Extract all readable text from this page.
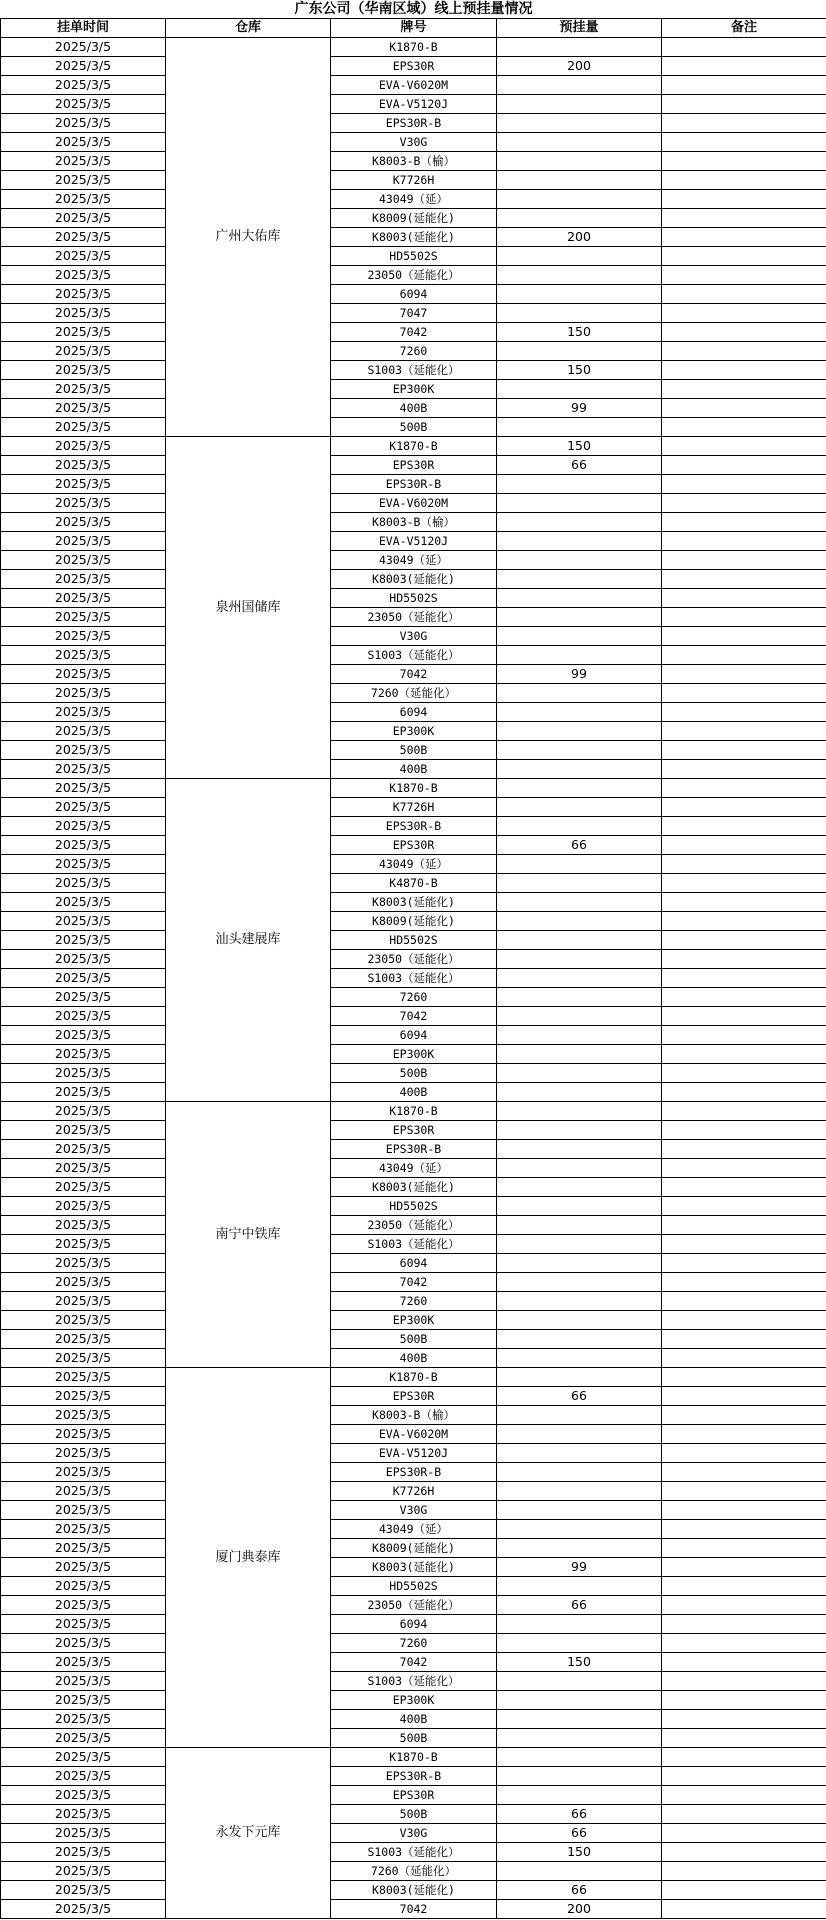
广东公司（华南区域）线上预挂量情况				
挂单时间	仓库	牌号	预挂量	备注
2025/3/5	广州大佑库	K1870-B		
2025/3/5		EPS30R	200	
2025/3/5		EVA-V6020M		
2025/3/5		EVA-V5120J		
2025/3/5		EPS30R-B		
2025/3/5		V30G		
2025/3/5		K8003-B（榆）		
2025/3/5		K7726H		
2025/3/5		43049（延）		
2025/3/5		K8009(延能化)		
2025/3/5		K8003(延能化)	200	
2025/3/5		HD5502S		
2025/3/5		23050（延能化）		
2025/3/5		6094		
2025/3/5		7047		
2025/3/5		7042	150	
2025/3/5		7260		
2025/3/5		S1003（延能化）	150	
2025/3/5		EP300K		
2025/3/5		400B	99	
2025/3/5		500B		
2025/3/5	泉州国储库	K1870-B	150	
2025/3/5		EPS30R	66	
2025/3/5		EPS30R-B		
2025/3/5		EVA-V6020M		
2025/3/5		K8003-B（榆）		
2025/3/5		EVA-V5120J		
2025/3/5		43049（延）		
2025/3/5		K8003(延能化)		
2025/3/5		HD5502S		
2025/3/5		23050（延能化）		
2025/3/5		V30G		
2025/3/5		S1003（延能化）		
2025/3/5		7042	99	
2025/3/5		7260（延能化）		
2025/3/5		6094		
2025/3/5		EP300K		
2025/3/5		500B		
2025/3/5		400B		
2025/3/5	汕头建展库	K1870-B		
2025/3/5		K7726H		
2025/3/5		EPS30R-B		
2025/3/5		EPS30R	66	
2025/3/5		43049（延）		
2025/3/5		K4870-B		
2025/3/5		K8003(延能化)		
2025/3/5		K8009(延能化)		
2025/3/5		HD5502S		
2025/3/5		23050（延能化）		
2025/3/5		S1003（延能化）		
2025/3/5		7260		
2025/3/5		7042		
2025/3/5		6094		
2025/3/5		EP300K		
2025/3/5		500B		
2025/3/5		400B		
2025/3/5	南宁中铁库	K1870-B		
2025/3/5		EPS30R		
2025/3/5		EPS30R-B		
2025/3/5		43049（延）		
2025/3/5		K8003(延能化)		
2025/3/5		HD5502S		
2025/3/5		23050（延能化）		
2025/3/5		S1003（延能化）		
2025/3/5		6094		
2025/3/5		7042		
2025/3/5		7260		
2025/3/5		EP300K		
2025/3/5		500B		
2025/3/5		400B		
2025/3/5	厦门典泰库	K1870-B		
2025/3/5		EPS30R	66	
2025/3/5		K8003-B（榆）		
2025/3/5		EVA-V6020M		
2025/3/5		EVA-V5120J		
2025/3/5		EPS30R-B		
2025/3/5		K7726H		
2025/3/5		V30G		
2025/3/5		43049（延）		
2025/3/5		K8009(延能化)		
2025/3/5		K8003(延能化)	99	
2025/3/5		HD5502S		
2025/3/5		23050（延能化）	66	
2025/3/5		6094		
2025/3/5		7260		
2025/3/5		7042	150	
2025/3/5		S1003（延能化）		
2025/3/5		EP300K		
2025/3/5		400B		
2025/3/5		500B		
2025/3/5	永发下元库	K1870-B		
2025/3/5		EPS30R-B		
2025/3/5		EPS30R		
2025/3/5		500B	66	
2025/3/5		V30G	66	
2025/3/5		S1003（延能化）	150	
2025/3/5		7260（延能化）		
2025/3/5		K8003(延能化)	66	
2025/3/5		7042	200	
